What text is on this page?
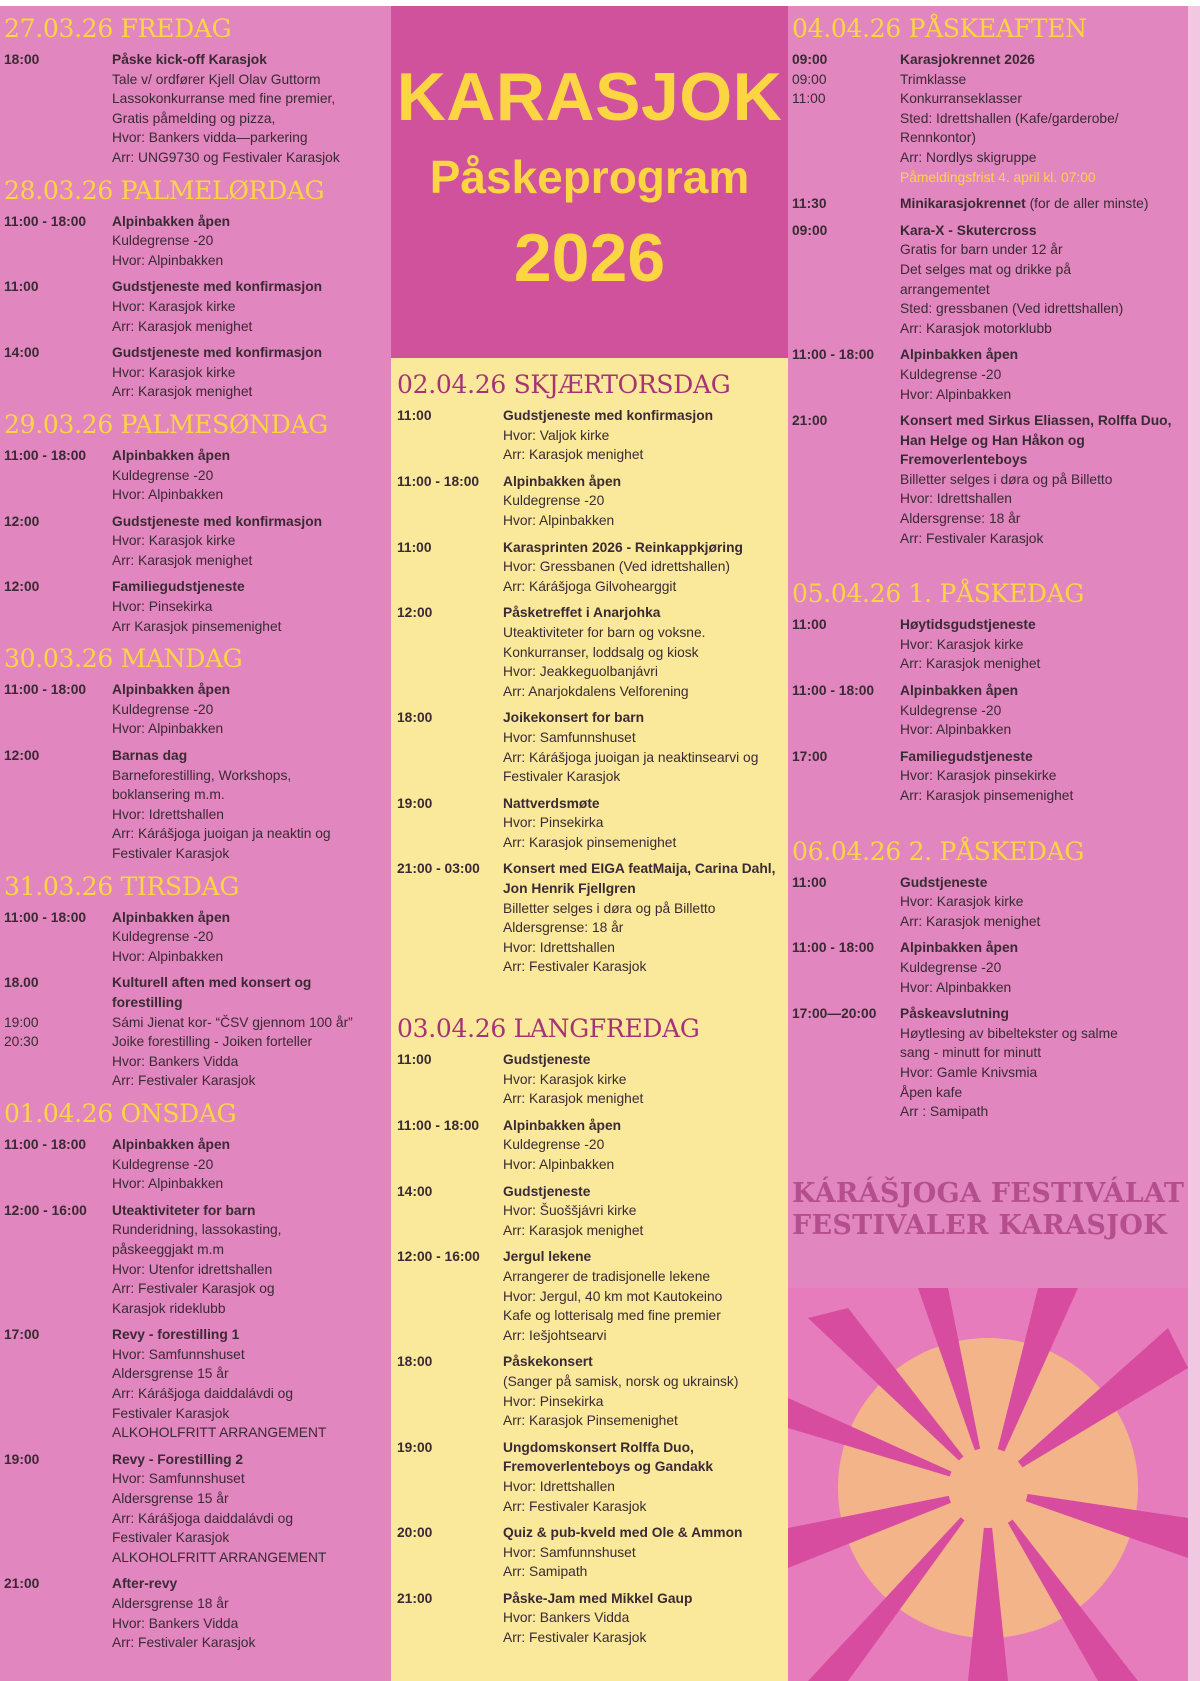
27.03.26 FREDAG
18:00	Påske kick-off Karasjok
Tale v/ ordfører Kjell Olav Guttorm
Lassokonkurranse med fine premier,
Gratis påmelding og pizza,
Hvor: Bankers vidda—parkering
Arr: UNG9730 og Festivaler Karasjok
28.03.26 PALMELØRDAG
11:00 - 18:00	Alpinbakken åpen
Kuldegrense -20
Hvor: Alpinbakken
11:00	Gudstjeneste med konfirmasjon
Hvor: Karasjok kirke
Arr: Karasjok menighet
14:00	Gudstjeneste med konfirmasjon
Hvor: Karasjok kirke
Arr: Karasjok menighet
29.03.26 PALMESØNDAG
11:00 - 18:00	Alpinbakken åpen
Kuldegrense -20
Hvor: Alpinbakken
12:00	Gudstjeneste med konfirmasjon
Hvor: Karasjok kirke
Arr: Karasjok menighet
12:00	Familiegudstjeneste
Hvor: Pinsekirka
Arr Karasjok pinsemenighet
30.03.26 MANDAG
11:00 - 18:00	Alpinbakken åpen
Kuldegrense -20
Hvor: Alpinbakken
12:00	Barnas dag
Barneforestilling, Workshops,
boklansering m.m.
Hvor: Idrettshallen
Arr: Kárášjoga juoigan ja neaktin og
Festivaler Karasjok
31.03.26 TIRSDAG
11:00 - 18:00	Alpinbakken åpen
Kuldegrense -20
Hvor: Alpinbakken
18.00	Kulturell aften med konsert og forestilling
19:00	Sámi Jienat kor- “ČSV gjennom 100 år”
20:30	Joike forestilling - Joiken forteller
Hvor: Bankers Vidda
Arr: Festivaler Karasjok
01.04.26 ONSDAG
11:00 - 18:00	Alpinbakken åpen
Kuldegrense -20
Hvor: Alpinbakken
12:00 - 16:00	Uteaktiviteter for barn
Runderidning, lassokasting,
påskeeggjakt m.m
Hvor: Utenfor idrettshallen
Arr: Festivaler Karasjok og
Karasjok rideklubb
17:00	Revy - forestilling 1
Hvor: Samfunnshuset
Aldersgrense 15 år
Arr: Kárášjoga daiddalávdi og
Festivaler Karasjok
ALKOHOLFRITT ARRANGEMENT
19:00	Revy - Forestilling 2
Hvor: Samfunnshuset
Aldersgrense 15 år
Arr: Kárášjoga daiddalávdi og
Festivaler Karasjok
ALKOHOLFRITT ARRANGEMENT
21:00	After-revy
Aldersgrense 18 år
Hvor: Bankers Vidda
Arr: Festivaler Karasjok
02.04.26 SKJÆRTORSDAG
11:00	Gudstjeneste med konfirmasjon
Hvor: Valjok kirke
Arr: Karasjok menighet
11:00 - 18:00	Alpinbakken åpen
Kuldegrense -20
Hvor: Alpinbakken
11:00	Karasprinten 2026 - Reinkappkjøring
Hvor: Gressbanen (Ved idrettshallen)
Arr: Kárášjoga Gilvohearggit
12:00	Påsketreffet i Anarjohka
Uteaktiviteter for barn og voksne.
Konkurranser, loddsalg og kiosk
Hvor: Jeakkeguolbanjávri
Arr: Anarjokdalens Velforening
18:00	Joikekonsert for barn
Hvor: Samfunnshuset
Arr: Kárášjoga juoigan ja neaktinsearvi og
Festivaler Karasjok
19:00	Nattverdsmøte
Hvor: Pinsekirka
Arr: Karasjok pinsemenighet
21:00 - 03:00	Konsert med EIGA featMaija, Carina Dahl, Jon Henrik Fjellgren
Billetter selges i døra og på Billetto
Aldersgrense: 18 år
Hvor: Idrettshallen
Arr: Festivaler Karasjok
03.04.26 LANGFREDAG
11:00	Gudstjeneste
Hvor: Karasjok kirke
Arr: Karasjok menighet
11:00 - 18:00	Alpinbakken åpen
Kuldegrense -20
Hvor: Alpinbakken
14:00	Gudstjeneste
Hvor: Šuoššjávri kirke
Arr: Karasjok menighet
12:00 - 16:00	Jergul lekene
Arrangerer de tradisjonelle lekene
Hvor: Jergul, 40 km mot Kautokeino
Kafe og lotterisalg med fine premier
Arr: Iešjohtsearvi
18:00	Påskekonsert
(Sanger på samisk, norsk og ukrainsk)
Hvor: Pinsekirka
Arr: Karasjok Pinsemenighet
19:00	Ungdomskonsert Rolffa Duo, Fremoverlenteboys og Gandakk
Hvor: Idrettshallen
Arr: Festivaler Karasjok
20:00	Quiz & pub-kveld med Ole & Ammon
Hvor: Samfunnshuset
Arr: Samipath
21:00	Påske-Jam med Mikkel Gaup
Hvor: Bankers Vidda
Arr: Festivaler Karasjok
KARASJOK
Påskeprogram
2026
04.04.26 PÅSKEAFTEN
09:00	Karasjokrennet 2026
09:00	Trimklasse
11:00	Konkurranseklasser
Sted: Idrettshallen (Kafe/garderobe/
Rennkontor)
Arr: Nordlys skigruppe
Påmeldingsfrist 4. april kl. 07:00
11:30	Minikarasjokrennet (for de aller minste)
09:00	Kara-X - Skutercross
Gratis for barn under 12 år
Det selges mat og drikke på
arrangementet
Sted: gressbanen (Ved idrettshallen)
Arr: Karasjok motorklubb
11:00 - 18:00	Alpinbakken åpen
Kuldegrense -20
Hvor: Alpinbakken
21:00	Konsert med Sirkus Eliassen, Rolffa Duo, Han Helge og Han Håkon og Fremoverlenteboys
Billetter selges i døra og på Billetto
Hvor: Idrettshallen
Aldersgrense: 18 år
Arr: Festivaler Karasjok
05.04.26 1. PÅSKEDAG
11:00	Høytidsgudstjeneste
Hvor: Karasjok kirke
Arr: Karasjok menighet
11:00 - 18:00	Alpinbakken åpen
Kuldegrense -20
Hvor: Alpinbakken
17:00	Familiegudstjeneste
Hvor: Karasjok pinsekirke
Arr: Karasjok pinsemenighet
06.04.26 2. PÅSKEDAG
11:00	Gudstjeneste
Hvor: Karasjok kirke
Arr: Karasjok menighet
11:00 - 18:00	Alpinbakken åpen
Kuldegrense -20
Hvor: Alpinbakken
17:00—20:00	Påskeavslutning
Høytlesing av bibeltekster og salme
sang - minutt for minutt
Hvor: Gamle Knivsmia
Åpen kafe
Arr : Samipath
KÁRÁŠJOGA FESTIVÁLAT
FESTIVALER KARASJOK
